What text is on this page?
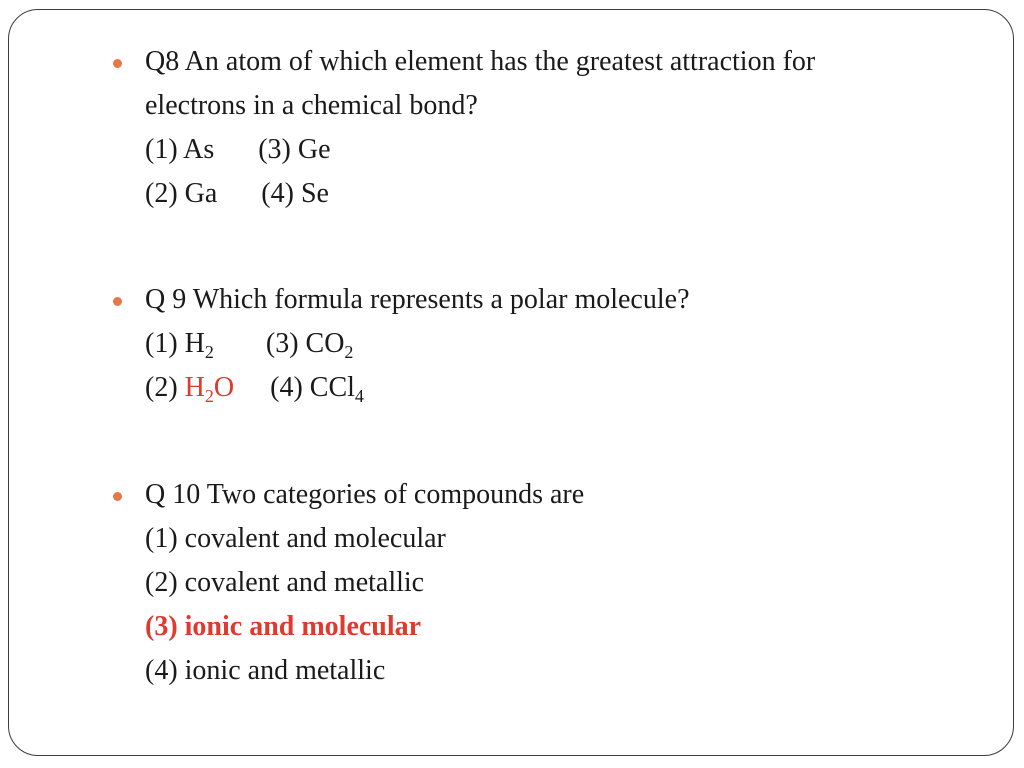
Q8 An atom of which element has the greatest attraction for
electrons in a chemical bond?
(1) As (3) Ge
(2) Ga (4) Se
Q 9 Which formula represents a polar molecule?
(1) $H_2$ (3) $CO_2$
(2) $H_2O$ (4) CCl$_4$
Q 10 Two categories of compounds are
(1) covalent and molecular
(2) covalent and metallic
(3) ionic and molecular
(4) ionic and metallic
